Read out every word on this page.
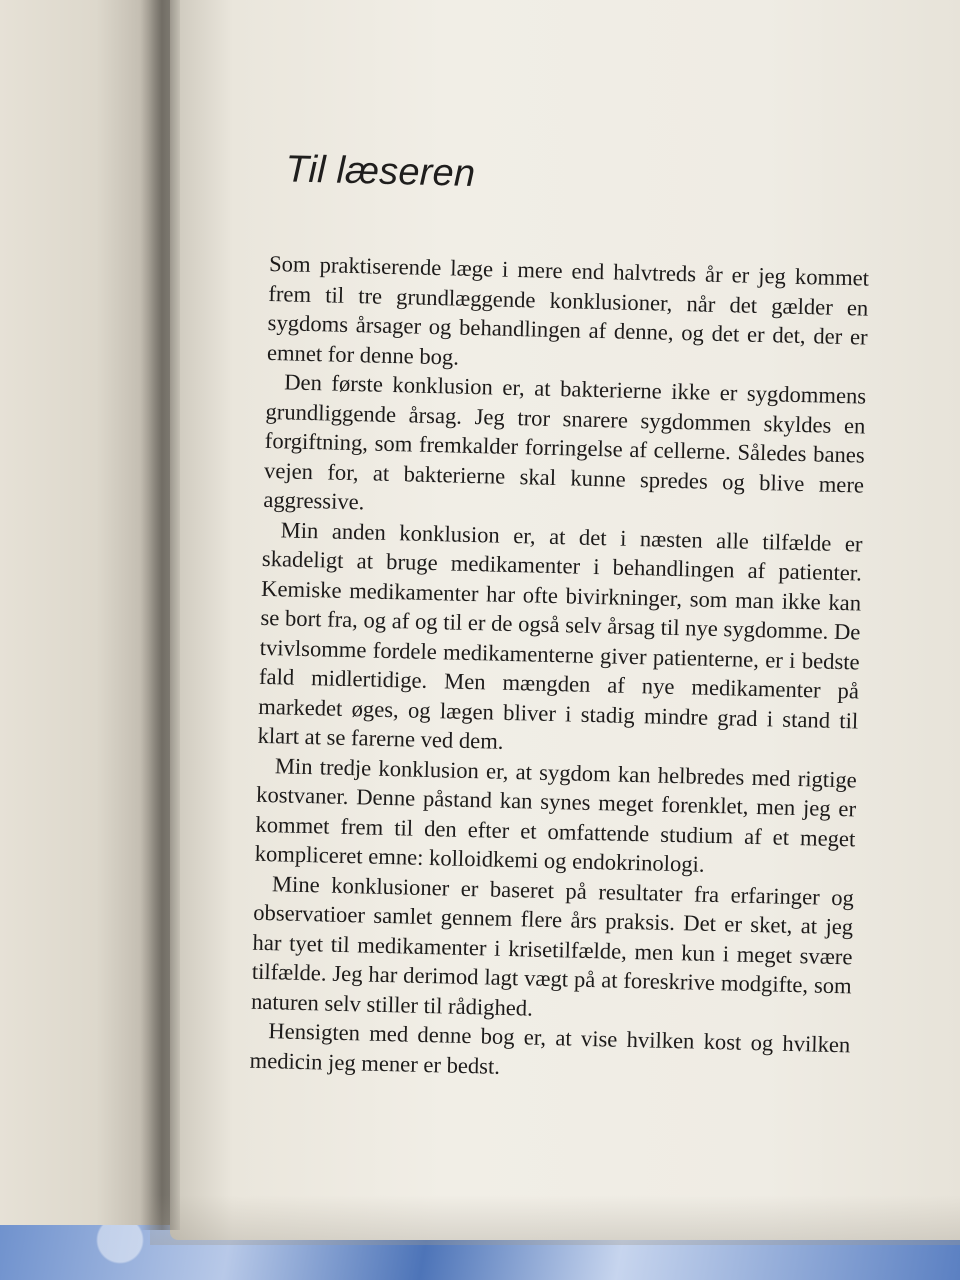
Til læseren

Som praktiserende læge i mere end halvtreds år er jeg kommet frem til tre grundlæggende konklusioner, når det gælder en sygdoms årsager og behandlingen af denne, og det er det, der er emnet for denne bog.

Den første konklusion er, at bakterierne ikke er sygdommens grundliggende årsag. Jeg tror snarere sygdommen skyldes en forgiftning, som fremkalder forringelse af cellerne. Således banes vejen for, at bakterierne skal kunne spredes og blive mere aggressive.

Min anden konklusion er, at det i næsten alle tilfælde er skadeligt at bruge medikamenter i behandlingen af patienter. Kemiske medikamenter har ofte bivirkninger, som man ikke kan se bort fra, og af og til er de også selv årsag til nye sygdomme. De tvivlsomme fordele medikamenterne giver patienterne, er i bedste fald midlertidige. Men mængden af nye medikamenter på markedet øges, og lægen bliver i stadig mindre grad i stand til klart at se farerne ved dem.

Min tredje konklusion er, at sygdom kan helbredes med rigtige kostvaner. Denne påstand kan synes meget forenklet, men jeg er kommet frem til den efter et omfattende studium af et meget kompliceret emne: kolloidkemi og endokrinologi.

Mine konklusioner er baseret på resultater fra erfaringer og observatioer samlet gennem flere års praksis. Det er sket, at jeg har tyet til medikamenter i krisetilfælde, men kun i meget svære tilfælde. Jeg har derimod lagt vægt på at foreskrive modgifte, som naturen selv stiller til rådighed.

Hensigten med denne bog er, at vise hvilken kost og hvilken medicin jeg mener er bedst.
